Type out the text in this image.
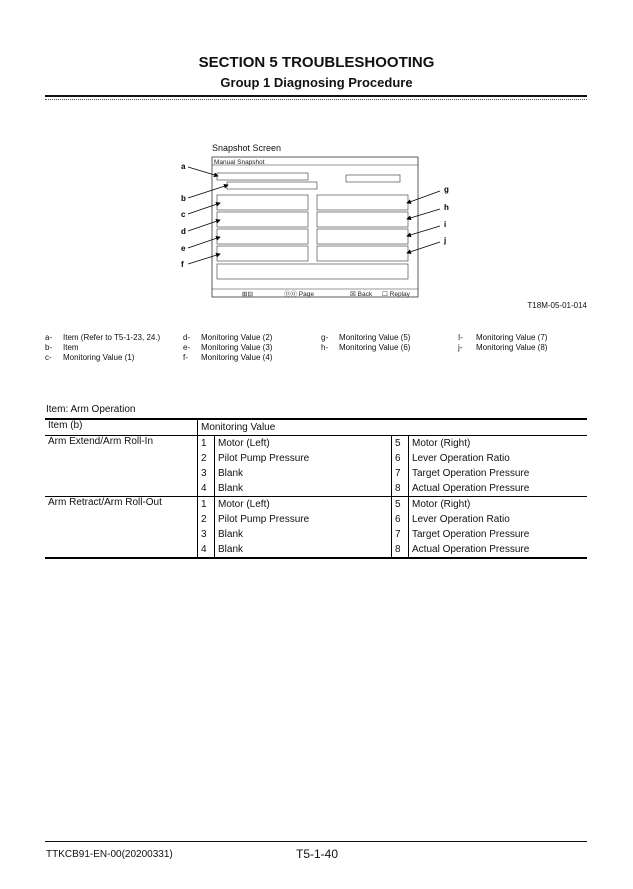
SECTION 5 TROUBLESHOOTING
Group 1 Diagnosing Procedure
Snapshot Screen
Manual Snapshot
⊞⊟	⓪⓪ Page	☒ Back ☐ Replay
a
b
c
d
e
f
g
h
i
j
T18M-05-01-014
a- Item (Refer to T5-1-23, 24.)
b- Item
c- Monitoring Value (1)
d- Monitoring Value (2)
e- Monitoring Value (3)
f- Monitoring Value (4)
g- Monitoring Value (5)
h- Monitoring Value (6)
I- Monitoring Value (7)
j- Monitoring Value (8)
Item: Arm Operation
Item (b)	Monitoring Value			
Arm Extend/Arm Roll-In	1	Motor (Left)	5	Motor (Right)
	2	Pilot Pump Pressure	6	Lever Operation Ratio
	3	Blank	7	Target Operation Pressure
	4	Blank	8	Actual Operation Pressure
Arm Retract/Arm Roll-Out	1	Motor (Left)	5	Motor (Right)
	2	Pilot Pump Pressure	6	Lever Operation Ratio
	3	Blank	7	Target Operation Pressure
	4	Blank	8	Actual Operation Pressure
TTKCB91-EN-00(20200331)	T5-1-40
